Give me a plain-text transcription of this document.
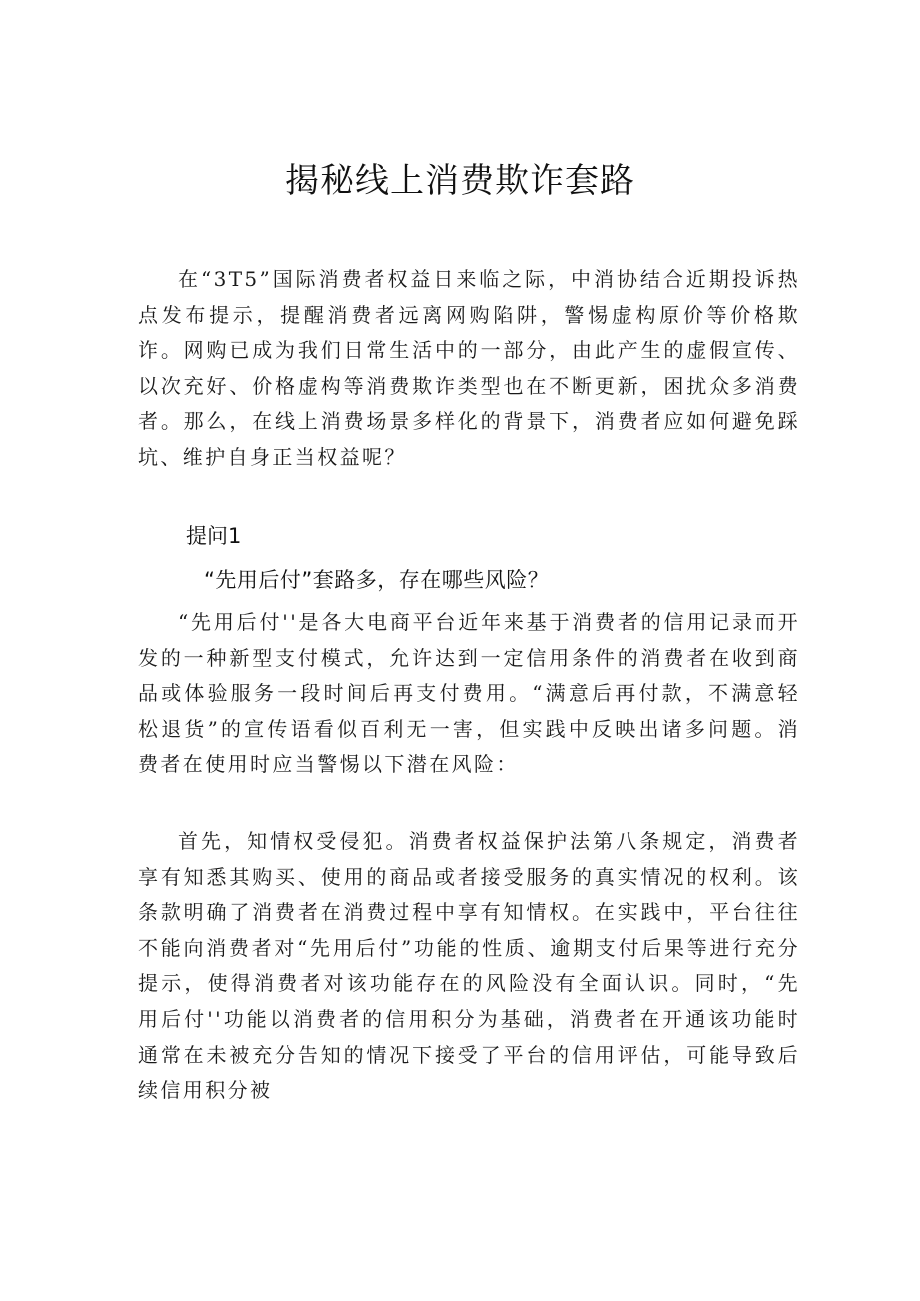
揭秘线上消费欺诈套路

在“3T5”国际消费者权益日来临之际，中消协结合近期投诉热点发布提示，提醒消费者远离网购陷阱，警惕虚构原价等价格欺诈。网购已成为我们日常生活中的一部分，由此产生的虚假宣传、以次充好、价格虚构等消费欺诈类型也在不断更新，困扰众多消费者。那么，在线上消费场景多样化的背景下，消费者应如何避免踩坑、维护自身正当权益呢？

提问1
“先用后付”套路多，存在哪些风险？

“先用后付''是各大电商平台近年来基于消费者的信用记录而开发的一种新型支付模式，允许达到一定信用条件的消费者在收到商品或体验服务一段时间后再支付费用。“满意后再付款，不满意轻松退货”的宣传语看似百利无一害，但实践中反映出诸多问题。消费者在使用时应当警惕以下潜在风险：

首先，知情权受侵犯。消费者权益保护法第八条规定，消费者享有知悉其购买、使用的商品或者接受服务的真实情况的权利。该条款明确了消费者在消费过程中享有知情权。在实践中，平台往往不能向消费者对“先用后付”功能的性质、逾期支付后果等进行充分提示，使得消费者对该功能存在的风险没有全面认识。同时，“先用后付''功能以消费者的信用积分为基础，消费者在开通该功能时通常在未被充分告知的情况下接受了平台的信用评估，可能导致后续信用积分被
